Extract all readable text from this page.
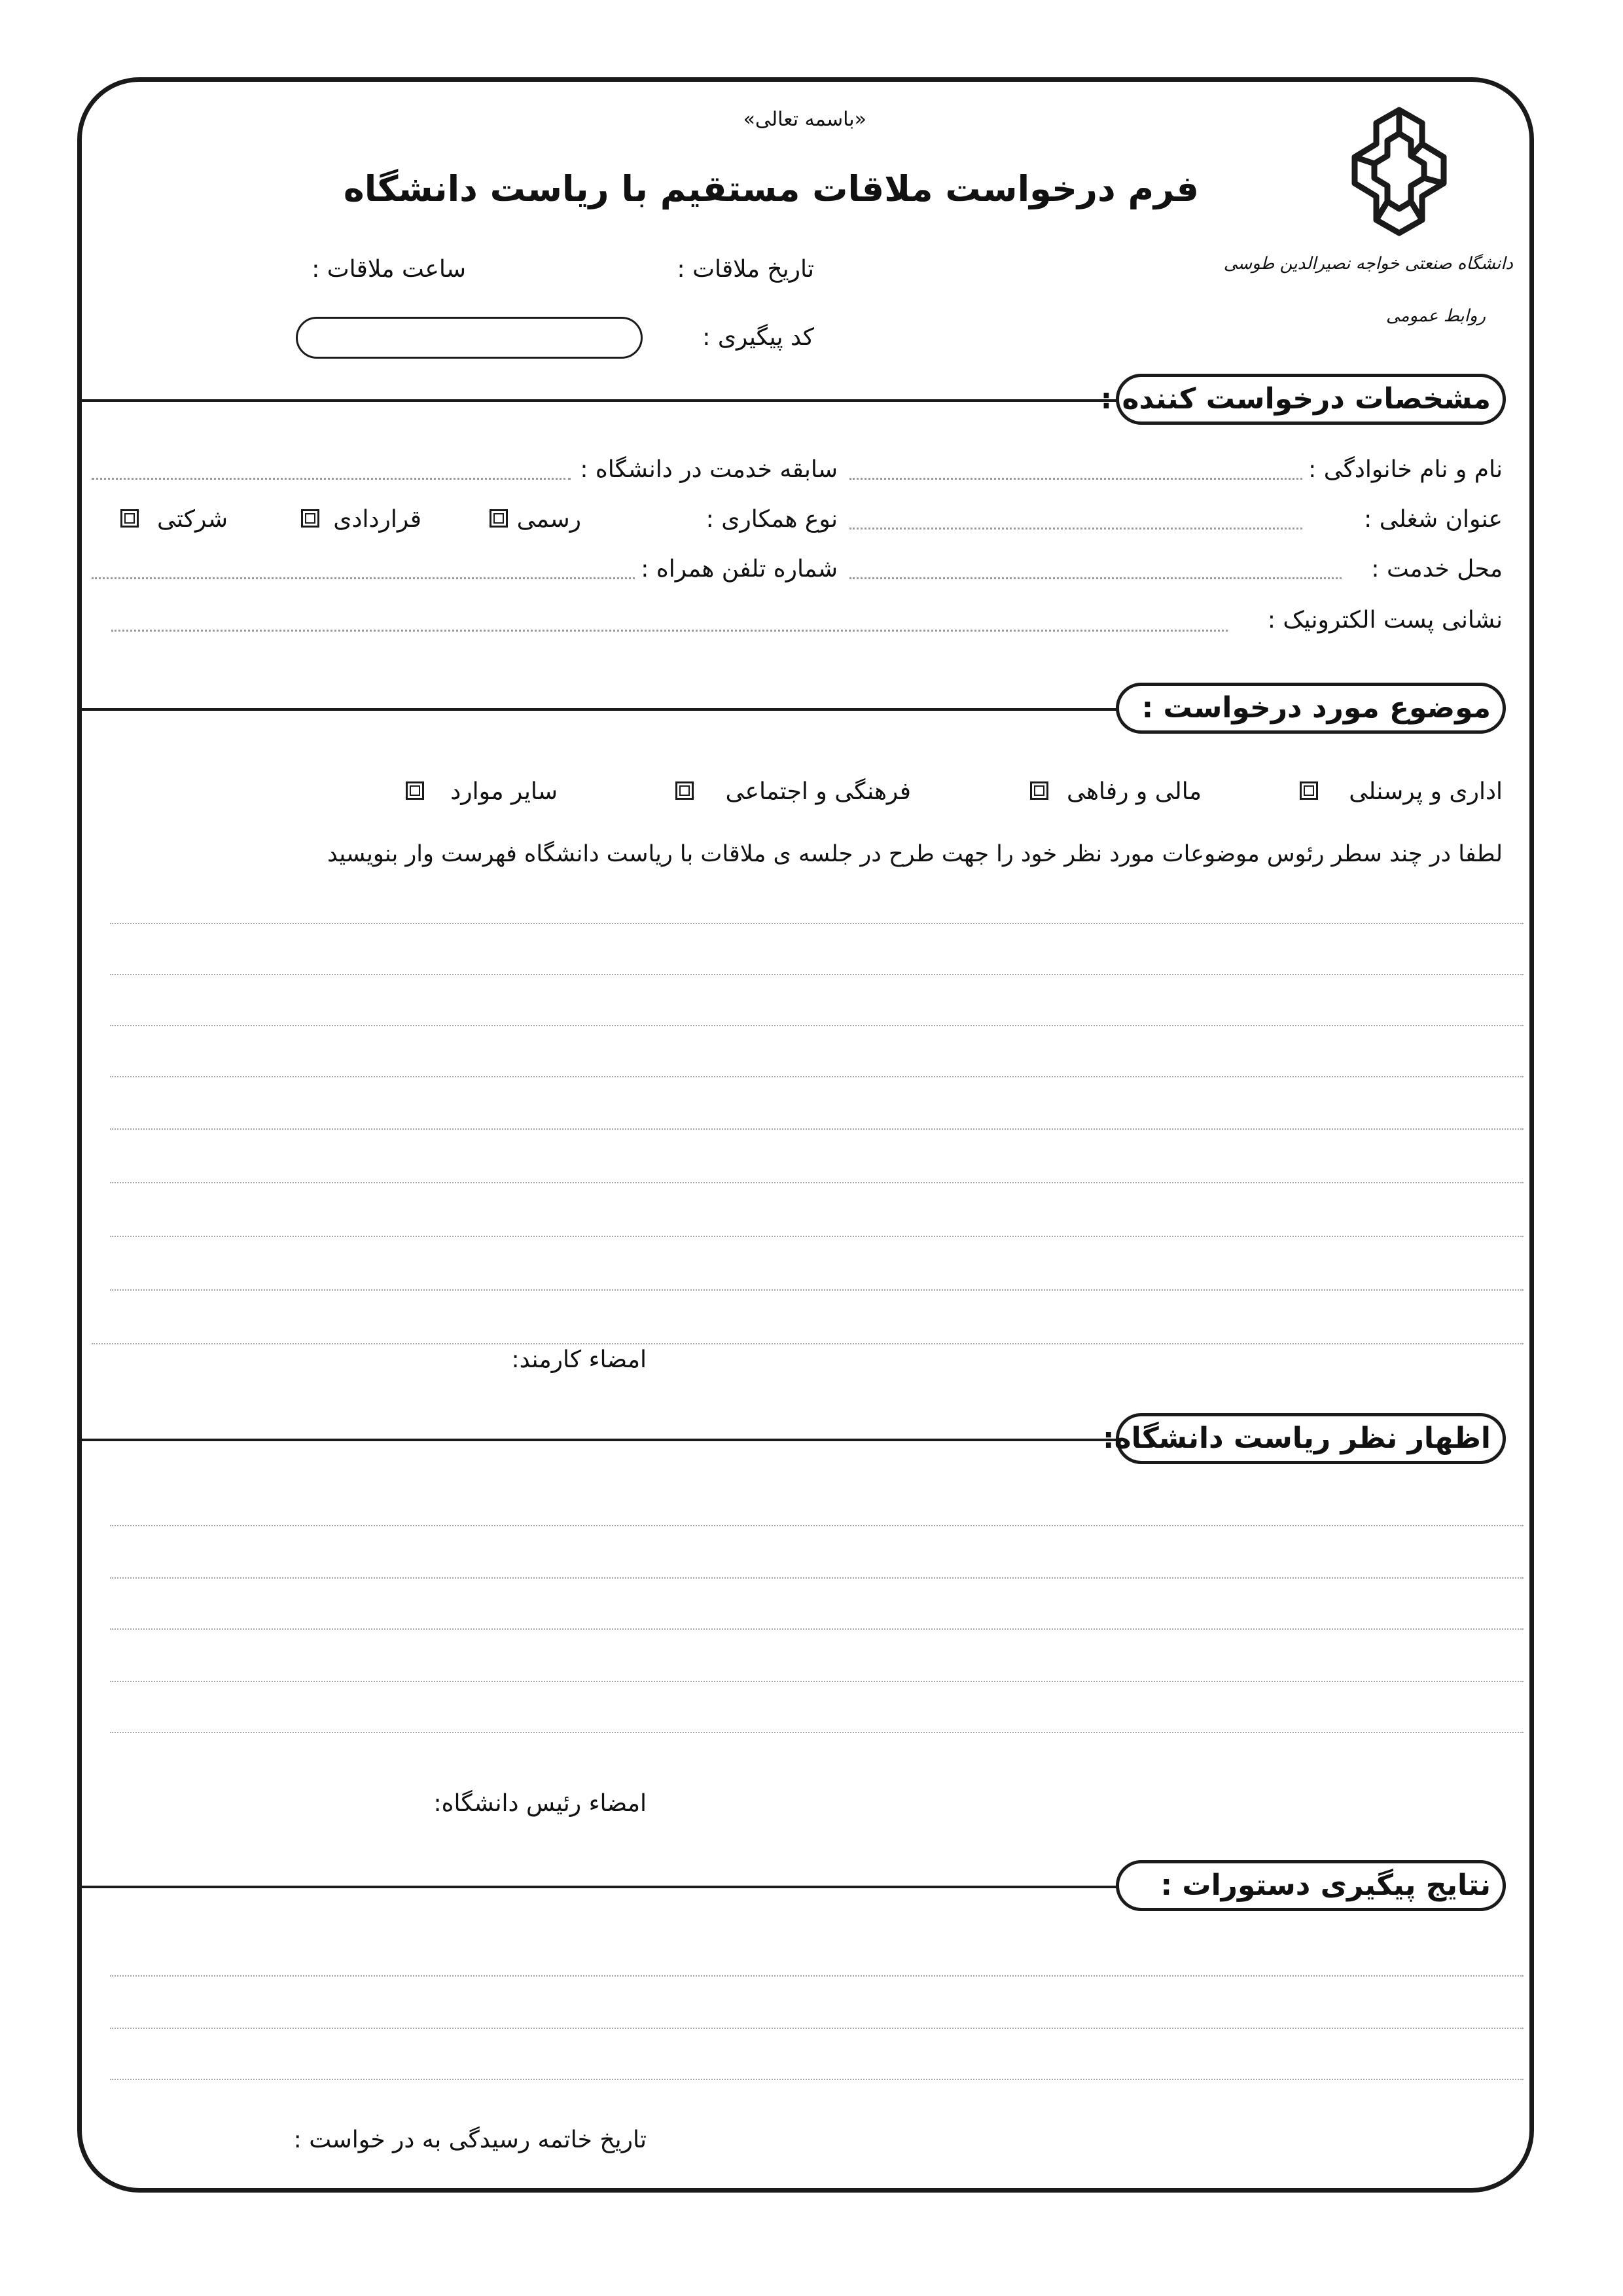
دانشگاه صنعتی خواجه نصیرالدین طوسی
روابط عمومی
«باسمه تعالی»
فرم درخواست ملاقات مستقیم با ریاست دانشگاه
تاریخ ملاقات :
ساعت ملاقات :
کد پیگیری :
مشخصات درخواست کننده :
نام و نام خانوادگی :
سابقه خدمت در دانشگاه :
عنوان شغلی :
نوع همکاری :
رسمی
قراردادی
شرکتی
محل خدمت :
شماره تلفن همراه :
نشانی پست الکترونیک :
موضوع مورد درخواست :
اداری و پرسنلی
مالی و رفاهی
فرهنگی و اجتماعی
سایر موارد
لطفا در چند سطر رئوس موضوعات مورد نظر خود را جهت طرح در جلسه ی ملاقات با ریاست دانشگاه فهرست وار بنویسید
امضاء کارمند:
اظهار نظر ریاست دانشگاه:
امضاء رئیس دانشگاه:
نتایج پیگیری دستورات :
تاریخ خاتمه رسیدگی به در خواست :
